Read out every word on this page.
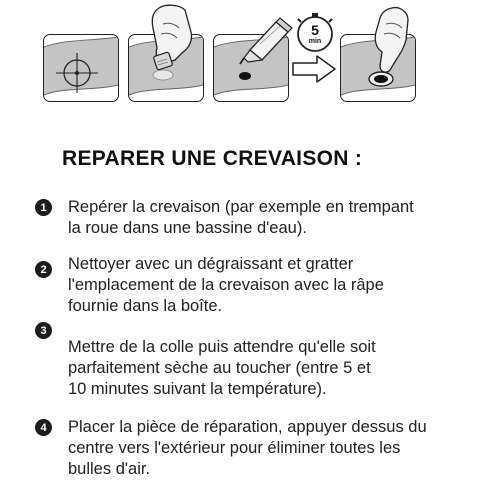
5
min
REPARER UNE CREVAISON :
1	Repérer la crevaison (par exemple en trempant
la roue dans une bassine d'eau).
2	Nettoyer avec un dégraissant et gratter
l'emplacement de la crevaison avec la râpe
fournie dans la boîte.
3
Mettre de la colle puis attendre qu'elle soit
parfaitement sèche au toucher (entre 5 et
10 minutes suivant la température).
4	Placer la pièce de réparation, appuyer dessus du
centre vers l'extérieur pour éliminer toutes les
bulles d'air.
